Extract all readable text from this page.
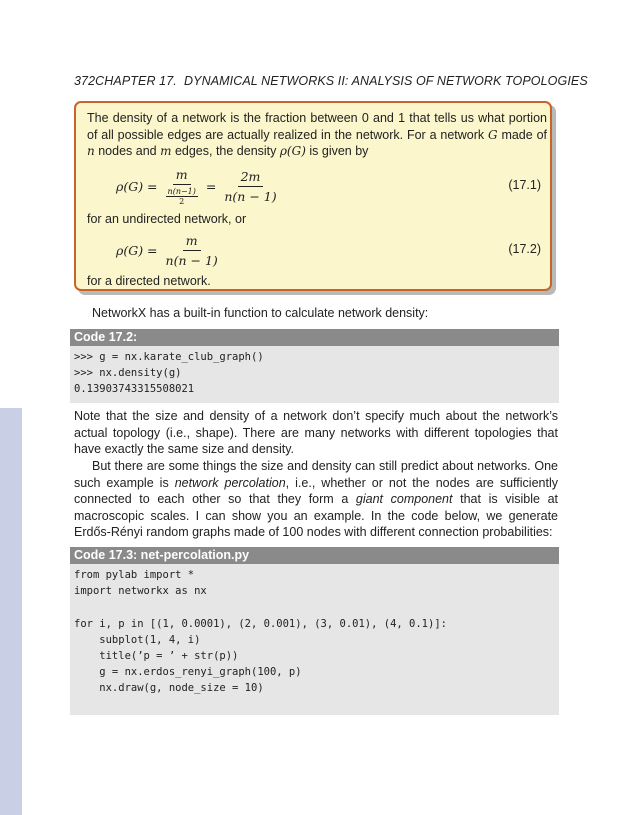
372CHAPTER 17. DYNAMICAL NETWORKS II: ANALYSIS OF NETWORK TOPOLOGIES

The density of a network is the fraction between 0 and 1 that tells us what portion of all possible edges are actually realized in the network. For a network G made of n nodes and m edges, the density ρ(G) is given by

$\rho(G) = \frac{m}{\frac{n(n-1)}{2}} = \frac{2m}{n(n - 1)}$	(17.1)
for an undirected network, or
$\rho(G) = \frac{m}{n(n - 1)}$	(17.2)
for a directed network.

NetworkX has a built-in function to calculate network density:

Code 17.2:
>>> g = nx.karate_club_graph()
>>> nx.density(g)
0.13903743315508021

Note that the size and density of a network don’t specify much about the network’s actual topology (i.e., shape). There are many networks with different topologies that have exactly the same size and density.

But there are some things the size and density can still predict about networks. One such example is network percolation, i.e., whether or not the nodes are sufficiently connected to each other so that they form a giant component that is visible at macroscopic scales. I can show you an example. In the code below, we generate Erdős-Rényi random graphs made of 100 nodes with different connection probabilities:

Code 17.3: net-percolation.py
from pylab import *
import networkx as nx
for i, p in [(1, 0.0001), (2, 0.001), (3, 0.01), (4, 0.1)]:
subplot(1, 4, i)
title(’p = ’ + str(p))
g = nx.erdos_renyi_graph(100, p)
nx.draw(g, node_size = 10)
